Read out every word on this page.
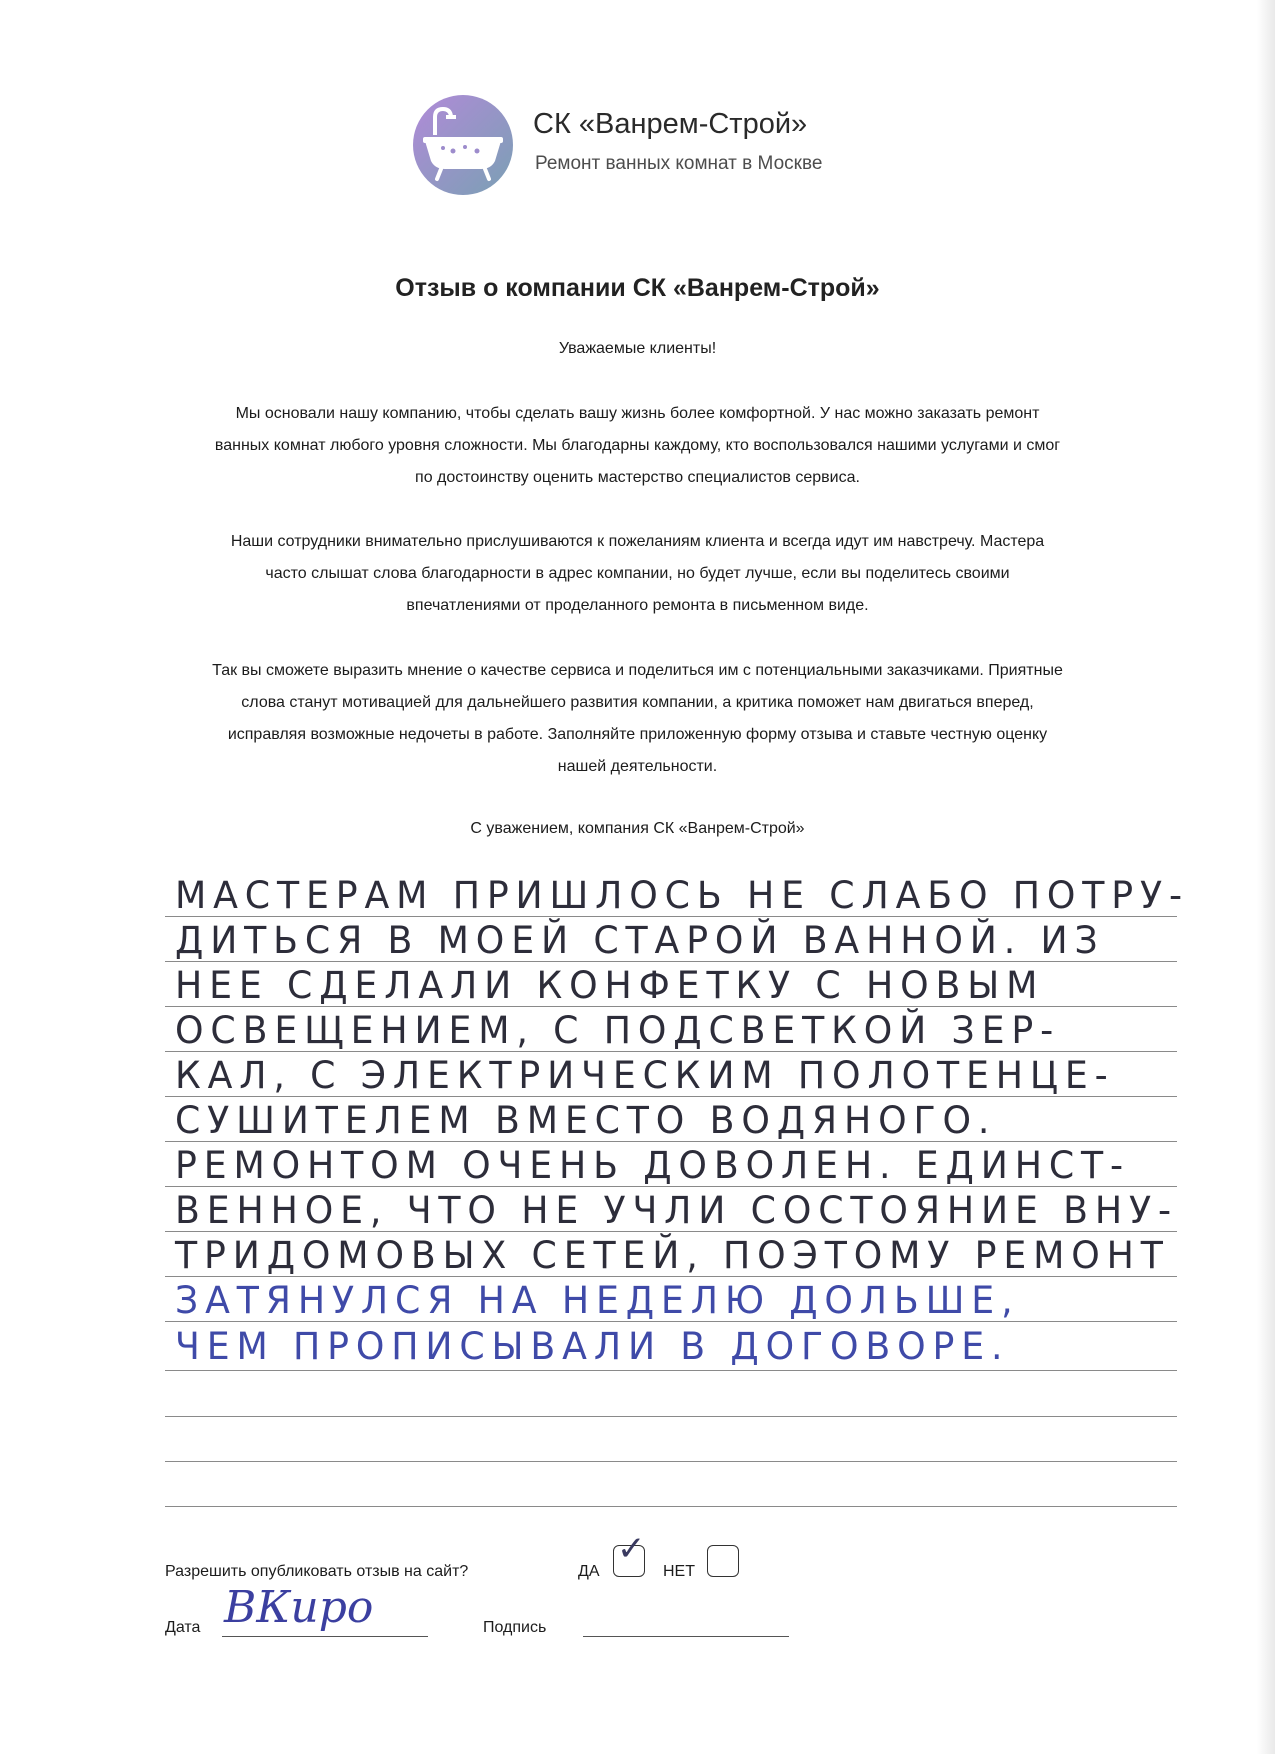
СК «Ванрем-Строй»
Ремонт ванных комнат в Москве
Отзыв о компании СК «Ванрем-Строй»
Уважаемые клиенты!
Мы основали нашу компанию, чтобы сделать вашу жизнь более комфортной. У нас можно заказать ремонт
ванных комнат любого уровня сложности. Мы благодарны каждому, кто воспользовался нашими услугами и смог
по достоинству оценить мастерство специалистов сервиса.
Наши сотрудники внимательно прислушиваются к пожеланиям клиента и всегда идут им навстречу. Мастера
часто слышат слова благодарности в адрес компании, но будет лучше, если вы поделитесь своими
впечатлениями от проделанного ремонта в письменном виде.
Так вы сможете выразить мнение о качестве сервиса и поделиться им с потенциальными заказчиками. Приятные
слова станут мотивацией для дальнейшего развития компании, а критика поможет нам двигаться вперед,
исправляя возможные недочеты в работе. Заполняйте приложенную форму отзыва и ставьте честную оценку
нашей деятельности.
С уважением, компания СК «Ванрем-Строй»
МАСТЕРАМ ПРИШЛОСЬ НЕ СЛАБО ПОТРУ-
ДИТЬСЯ В МОЕЙ СТАРОЙ ВАННОЙ. ИЗ
НЕЕ СДЕЛАЛИ КОНФЕТКУ С НОВЫМ
ОСВЕЩЕНИЕМ, С ПОДСВЕТКОЙ ЗЕР-
КАЛ, С ЭЛЕКТРИЧЕСКИМ ПОЛОТЕНЦЕ-
СУШИТЕЛЕМ ВМЕСТО ВОДЯНОГО.
РЕМОНТОМ ОЧЕНЬ ДОВОЛЕН. ЕДИНСТ-
ВЕННОЕ, ЧТО НЕ УЧЛИ СОСТОЯНИЕ ВНУ-
ТРИДОМОВЫХ СЕТЕЙ, ПОЭТОМУ РЕМОНТ
ЗАТЯНУЛСЯ НА НЕДЕЛЮ ДОЛЬШЕ,
ЧЕМ ПРОПИСЫВАЛИ В ДОГОВОРЕ.
Разрешить опубликовать отзыв на сайт?	ДА
✓
НЕТ
Дата ВКиро	Подпись
